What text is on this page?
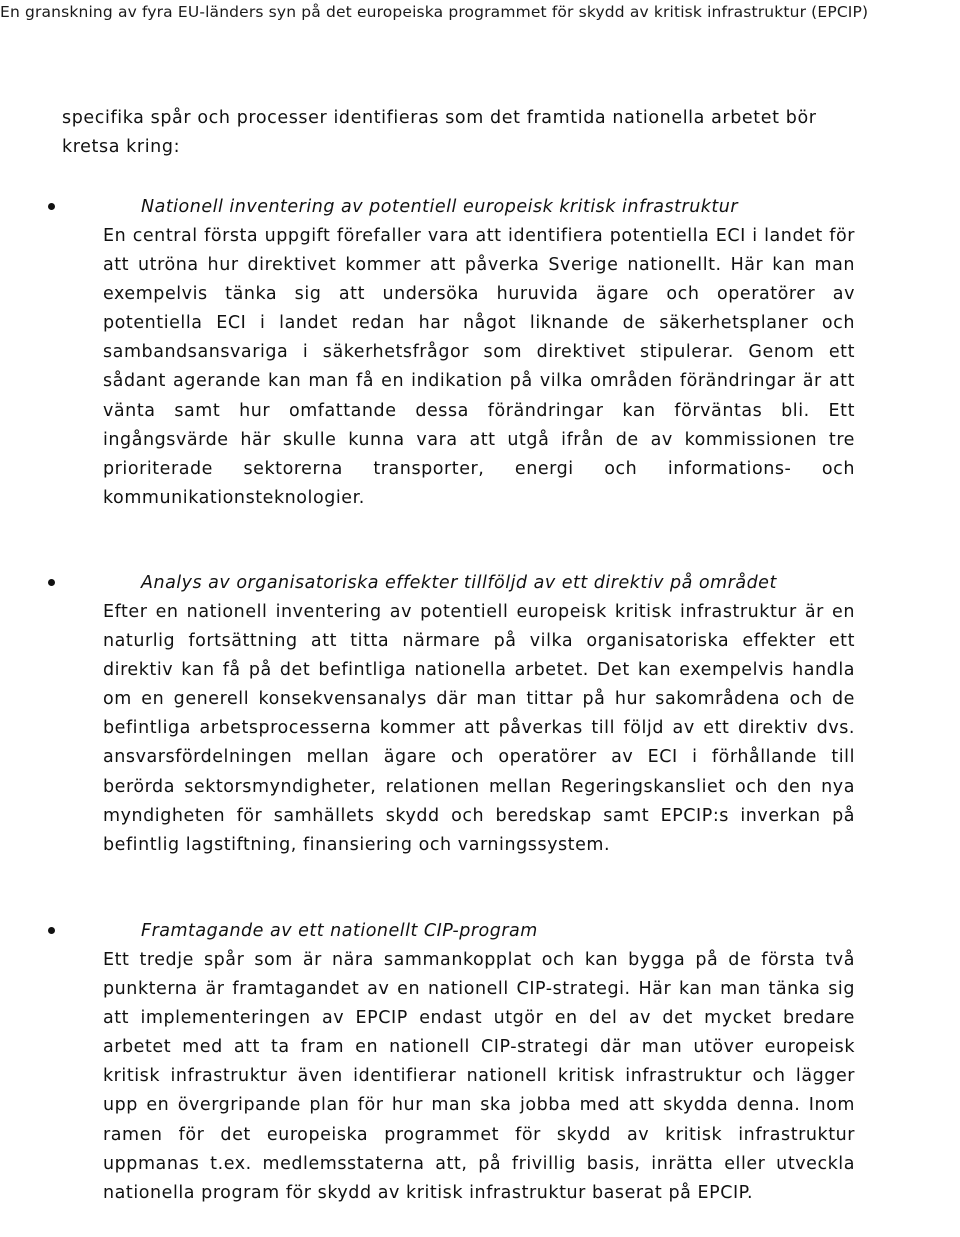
En granskning av fyra EU-länders syn på det europeiska programmet för skydd av kritisk infrastruktur (EPCIP)

specifika spår och processer identifieras som det framtida nationella arbetet bör kretsa kring:

Nationell inventering av potentiell europeisk kritisk infrastruktur

En central första uppgift förefaller vara att identifiera potentiella ECI i landet för att utröna hur direktivet kommer att påverka Sverige nationellt. Här kan man exempelvis tänka sig att undersöka huruvida ägare och operatörer av potentiella ECI i landet redan har något liknande de säkerhetsplaner och sambandsansvariga i säkerhetsfrågor som direktivet stipulerar. Genom ett sådant agerande kan man få en indikation på vilka områden förändringar är att vänta samt hur omfattande dessa förändringar kan förväntas bli. Ett ingångsvärde här skulle kunna vara att utgå ifrån de av kommissionen tre prioriterade sektorerna transporter, energi och informations- och kommunikationsteknologier.

Analys av organisatoriska effekter tillföljd av ett direktiv på området

Efter en nationell inventering av potentiell europeisk kritisk infrastruktur är en naturlig fortsättning att titta närmare på vilka organisatoriska effekter ett direktiv kan få på det befintliga nationella arbetet. Det kan exempelvis handla om en generell konsekvensanalys där man tittar på hur sakområdena och de befintliga arbetsprocesserna kommer att påverkas till följd av ett direktiv dvs. ansvarsfördelningen mellan ägare och operatörer av ECI i förhållande till berörda sektorsmyndigheter, relationen mellan Regeringskansliet och den nya myndigheten för samhällets skydd och beredskap samt EPCIP:s inverkan på befintlig lagstiftning, finansiering och varningssystem.

Framtagande av ett nationellt CIP-program

Ett tredje spår som är nära sammankopplat och kan bygga på de första två punkterna är framtagandet av en nationell CIP-strategi. Här kan man tänka sig att implementeringen av EPCIP endast utgör en del av det mycket bredare arbetet med att ta fram en nationell CIP-strategi där man utöver europeisk kritisk infrastruktur även identifierar nationell kritisk infrastruktur och lägger upp en övergripande plan för hur man ska jobba med att skydda denna. Inom ramen för det europeiska programmet för skydd av kritisk infrastruktur uppmanas t.ex. medlemsstaterna att, på frivillig basis, inrätta eller utveckla nationella program för skydd av kritisk infrastruktur baserat på EPCIP.
